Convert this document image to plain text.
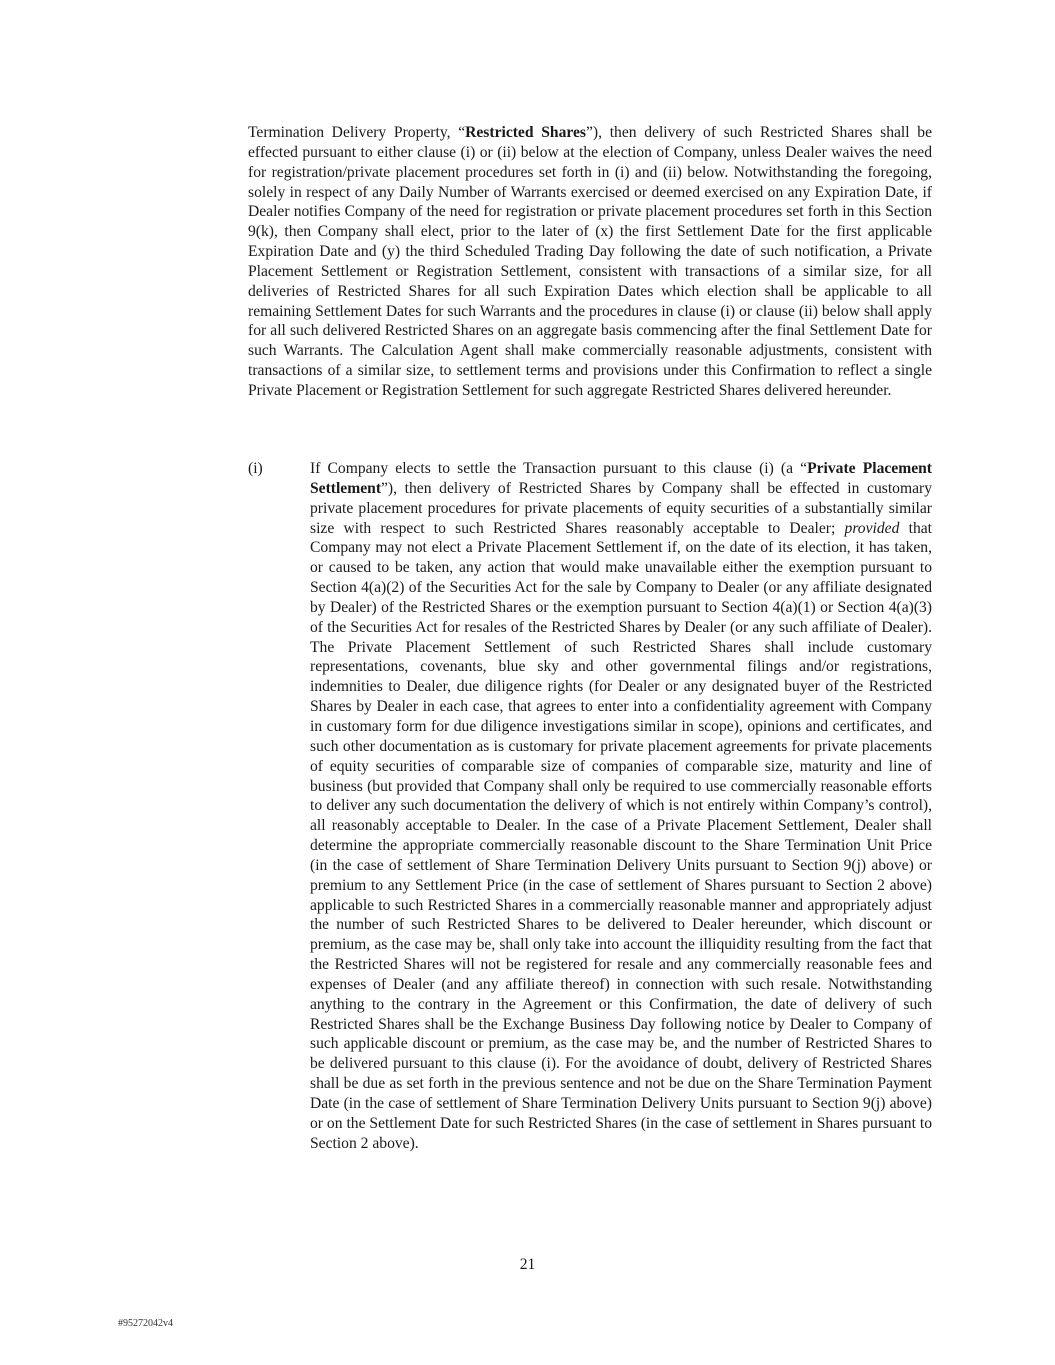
Termination Delivery Property, “Restricted Shares”), then delivery of such Restricted Shares shall be effected pursuant to either clause (i) or (ii) below at the election of Company, unless Dealer waives the need for registration/private placement procedures set forth in (i) and (ii) below. Notwithstanding the foregoing, solely in respect of any Daily Number of Warrants exercised or deemed exercised on any Expiration Date, if Dealer notifies Company of the need for registration or private placement procedures set forth in this Section 9(k), then Company shall elect, prior to the later of (x) the first Settlement Date for the first applicable Expiration Date and (y) the third Scheduled Trading Day following the date of such notification, a Private Placement Settlement or Registration Settlement, consistent with transactions of a similar size, for all deliveries of Restricted Shares for all such Expiration Dates which election shall be applicable to all remaining Settlement Dates for such Warrants and the procedures in clause (i) or clause (ii) below shall apply for all such delivered Restricted Shares on an aggregate basis commencing after the final Settlement Date for such Warrants. The Calculation Agent shall make commercially reasonable adjustments, consistent with transactions of a similar size, to settlement terms and provisions under this Confirmation to reflect a single Private Placement or Registration Settlement for such aggregate Restricted Shares delivered hereunder.

(i)	If Company elects to settle the Transaction pursuant to this clause (i) (a “Private Placement Settlement”), then delivery of Restricted Shares by Company shall be effected in customary private placement procedures for private placements of equity securities of a substantially similar size with respect to such Restricted Shares reasonably acceptable to Dealer; provided that Company may not elect a Private Placement Settlement if, on the date of its election, it has taken, or caused to be taken, any action that would make unavailable either the exemption pursuant to Section 4(a)(2) of the Securities Act for the sale by Company to Dealer (or any affiliate designated by Dealer) of the Restricted Shares or the exemption pursuant to Section 4(a)(1) or Section 4(a)(3) of the Securities Act for resales of the Restricted Shares by Dealer (or any such affiliate of Dealer). The Private Placement Settlement of such Restricted Shares shall include customary representations, covenants, blue sky and other governmental filings and/or registrations, indemnities to Dealer, due diligence rights (for Dealer or any designated buyer of the Restricted Shares by Dealer in each case, that agrees to enter into a confidentiality agreement with Company in customary form for due diligence investigations similar in scope), opinions and certificates, and such other documentation as is customary for private placement agreements for private placements of equity securities of comparable size of companies of comparable size, maturity and line of business (but provided that Company shall only be required to use commercially reasonable efforts to deliver any such documentation the delivery of which is not entirely within Company’s control), all reasonably acceptable to Dealer. In the case of a Private Placement Settlement, Dealer shall determine the appropriate commercially reasonable discount to the Share Termination Unit Price (in the case of settlement of Share Termination Delivery Units pursuant to Section 9(j) above) or premium to any Settlement Price (in the case of settlement of Shares pursuant to Section 2 above) applicable to such Restricted Shares in a commercially reasonable manner and appropriately adjust the number of such Restricted Shares to be delivered to Dealer hereunder, which discount or premium, as the case may be, shall only take into account the illiquidity resulting from the fact that the Restricted Shares will not be registered for resale and any commercially reasonable fees and expenses of Dealer (and any affiliate thereof) in connection with such resale. Notwithstanding anything to the contrary in the Agreement or this Confirmation, the date of delivery of such Restricted Shares shall be the Exchange Business Day following notice by Dealer to Company of such applicable discount or premium, as the case may be, and the number of Restricted Shares to be delivered pursuant to this clause (i). For the avoidance of doubt, delivery of Restricted Shares shall be due as set forth in the previous sentence and not be due on the Share Termination Payment Date (in the case of settlement of Share Termination Delivery Units pursuant to Section 9(j) above) or on the Settlement Date for such Restricted Shares (in the case of settlement in Shares pursuant to Section 2 above).

21
#95272042v4
